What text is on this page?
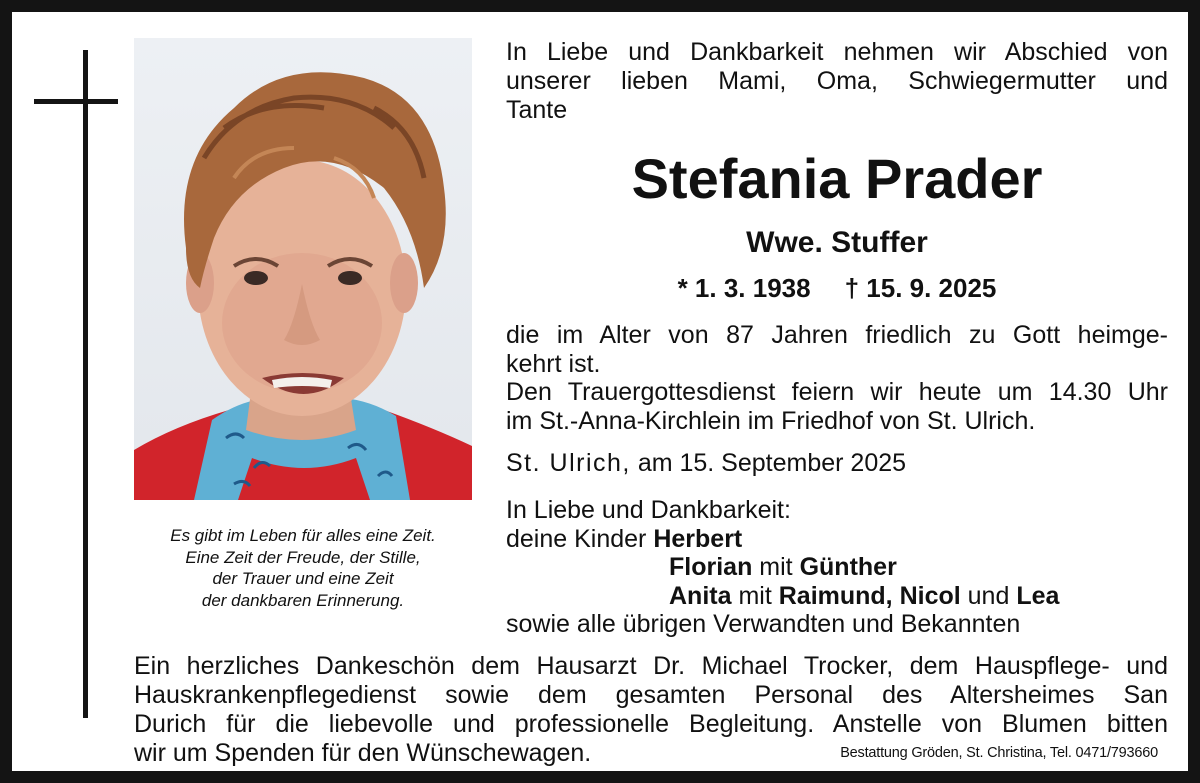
Es gibt im Leben für alles eine Zeit.
Eine Zeit der Freude, der Stille,
der Trauer und eine Zeit
der dankbaren Erinnerung.
In Liebe und Dankbarkeit nehmen wir Abschied von
unserer lieben Mami, Oma, Schwiegermutter und
Tante
Stefania Prader
Wwe. Stuffer
* 1. 3. 1938 † 15. 9. 2025
die im Alter von 87 Jahren friedlich zu Gott heimge-
kehrt ist.
Den Trauergottesdienst feiern wir heute um 14.30 Uhr
im St.-Anna-Kirchlein im Friedhof von St. Ulrich.
St. Ulrich, am 15. September 2025
In Liebe und Dankbarkeit:
deine Kinder Herbert
Florian mit Günther
Anita mit Raimund, Nicol und Lea
sowie alle übrigen Verwandten und Bekannten
Ein herzliches Dankeschön dem Hausarzt Dr. Michael Trocker, dem Hauspflege- und
Hauskrankenpflegedienst sowie dem gesamten Personal des Altersheimes San
Durich für die liebevolle und professionelle Begleitung. Anstelle von Blumen bitten
wir um Spenden für den Wünschewagen.	Bestattung Gröden, St. Christina, Tel. 0471/793660
